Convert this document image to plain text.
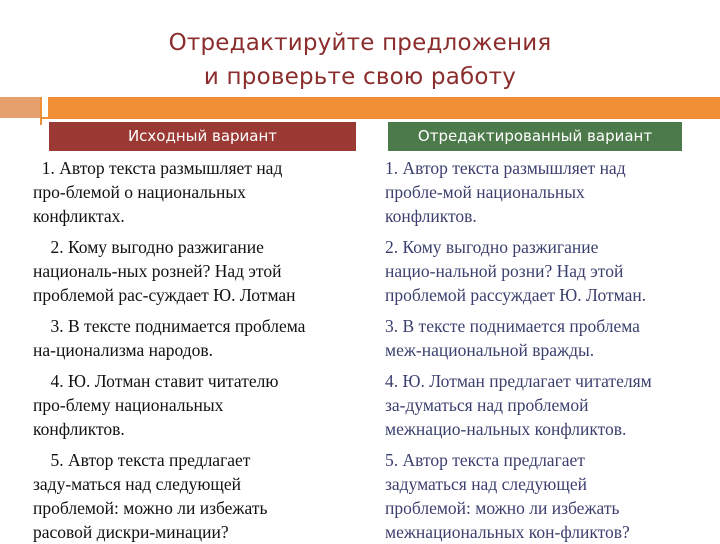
Отредактируйте предложения
и проверьте свою работу
Исходный вариант	Отредактированный вариант
1. Автор текста размышляет над
про-блемой о национальных
конфликтах.
1. Автор текста размышляет над
пробле-мой национальных
конфликтов.
2. Кому выгодно разжигание
националь-ных розней? Над этой
проблемой рас-суждает Ю. Лотман
2. Кому выгодно разжигание
нацио-нальной розни? Над этой
проблемой рассуждает Ю. Лотман.
3. В тексте поднимается проблема
на-ционализма народов.
3. В тексте поднимается проблема
меж-национальной вражды.
4. Ю. Лотман ставит читателю
про-блему национальных
конфликтов.
4. Ю. Лотман предлагает читателям
за-думаться над проблемой
межнацио-нальных конфликтов.
5. Автор текста предлагает
заду-маться над следующей
проблемой: можно ли избежать
расовой дискри-минации?
5. Автор текста предлагает
задуматься над следующей
проблемой: можно ли избежать
межнациональных кон-фликтов?
